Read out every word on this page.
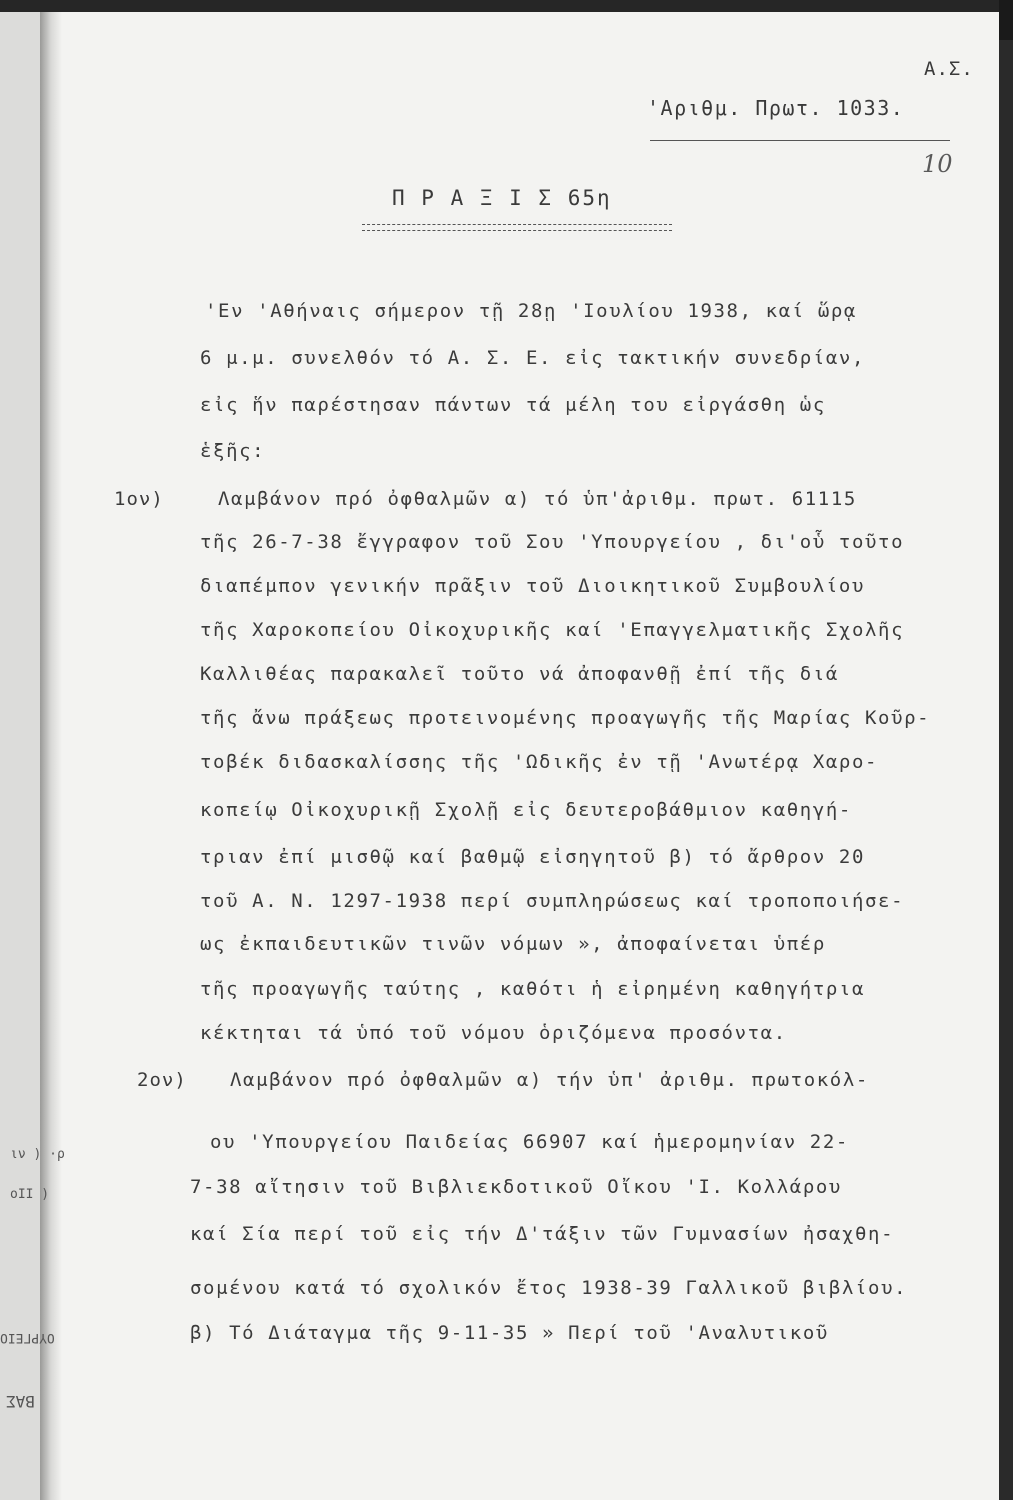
ιν ) ·ρ
οΙΙ )
ΟΥΡΓΕΙΟ
ΒΑΣ
Α.Σ.
'Αριθμ. Πρωτ. 1033.
10
Π Ρ Α Ξ Ι Σ 65η
'Εν 'Αθήναις σήμερον τῇ 28ῃ 'Ιουλίου 1938, καί ὥρᾳ
6 μ.μ. συνελθόν τό Α. Σ. Ε. εἰς τακτικήν συνεδρίαν,
εἰς ἥν παρέστησαν πάντων τά μέλη του εἰργάσθη ὡς
ἑξῆς:
1ον)	Λαμβάνον πρό ὀφθαλμῶν α) τό ὑπ'ἀριθμ. πρωτ. 61115
τῆς 26-7-38 ἔγγραφον τοῦ Σου 'Υπουργείου , δι'οὗ τοῦτο
διαπέμπον γενικήν πρᾶξιν τοῦ Διοικητικοῦ Συμβουλίου
τῆς Χαροκοπείου Οἰκοχυρικῆς καί 'Επαγγελματικῆς Σχολῆς
Καλλιθέας παρακαλεῖ τοῦτο νά ἀποφανθῇ ἐπί τῆς διά
τῆς ἄνω πράξεως προτεινομένης προαγωγῆς τῆς Μαρίας Κοῦρ-
τοβέκ διδασκαλίσσης τῆς 'Ωδικῆς ἐν τῇ 'Ανωτέρᾳ Χαρο-
κοπείῳ Οἰκοχυρικῇ Σχολῇ εἰς δευτεροβάθμιον καθηγή-
τριαν ἐπί μισθῷ καί βαθμῷ εἰσηγητοῦ β) τό ἄρθρον 20
τοῦ Α. Ν. 1297-1938 περί συμπληρώσεως καί τροποποιήσε-
ως ἐκπαιδευτικῶν τινῶν νόμων », ἀποφαίνεται ὑπέρ
τῆς προαγωγῆς ταύτης , καθότι ἡ εἰρημένη καθηγήτρια
κέκτηται τά ὑπό τοῦ νόμου ὁριζόμενα προσόντα.
2ον) Λαμβάνον πρό ὀφθαλμῶν α) τήν ὑπ' ἀριθμ. πρωτοκόλ-
ου 'Υπουργείου Παιδείας 66907 καί ἡμερομηνίαν 22-
7-38 αἴτησιν τοῦ Βιβλιεκδοτικοῦ Οἴκου 'Ι. Κολλάρου
καί Σία περί τοῦ εἰς τήν Δ'τάξιν τῶν Γυμνασίων ἠσαχθη-
σομένου κατά τό σχολικόν ἔτος 1938-39 Γαλλικοῦ βιβλίου.
β) Τό Διάταγμα τῆς 9-11-35 » Περί τοῦ 'Αναλυτικοῦ
